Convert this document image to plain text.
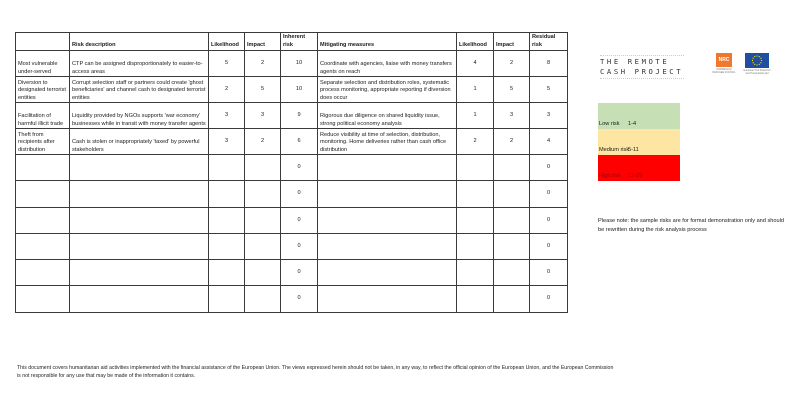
	Risk description	Likelihood	Impact	Inherent risk	Mitigating measures	Likelihood	Impact	Residual risk
Most vulnerable under-served	CTP can be assigned disproportionately to easier-to-access areas	5	2	10	Coordinate with agencies, liaise with money transfers agents on reach	4	2	8
Diversion to designated terrorist entities	Corrupt selection staff or partners could create 'ghost beneficiaries' and channel cash to designated terrorist entities	2	5	10	Separate selection and distribution roles, systematic process monitoring, appropriate reporting if diversion does occur	1	5	5
Facilitation of harmful illicit trade	Liquidity provided by NGOs supports 'war economy' businesses while in transit with money transfer agents	3	3	9	Rigorous due diligence on shared liquidity issue, strong political economy analysis	1	3	3
Theft from recipients after distribution	Cash is stolen or inappropriately 'taxed' by powerful stakeholders	3	2	6	Reduce visibility at time of selection, distribution, monitoring. Home deliveries rather than cash office distribution	2	2	4
				0				0
				0				0
				0				0
				0				0
				0				0
				0				0
THE REMOTE
CASH PROJECT
NRC
NORWEGIAN REFUGEE COUNCIL
European Civil Protection and Humanitarian Aid
Low risk 1-4
Medium risk
5-11
High risk 12-25
Please note: the sample risks are for format demonstration only and should be rewritten during the risk analysis process
This document covers humanitarian aid activities implemented with the financial assistance of the European Union. The views expressed herein should not be taken, in any way, to reflect the official opinion of the European Union, and the European Commission is not responsible for any use that may be made of the information it contains.
